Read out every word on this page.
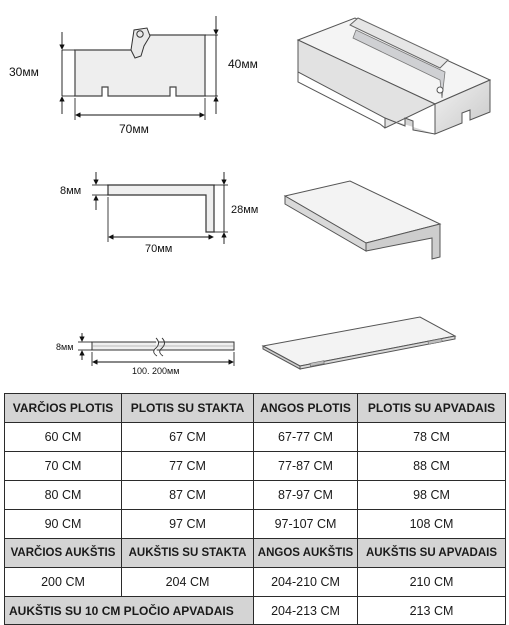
30мм
40мм
70мм
8мм
28мм
70мм
8мм
100. 200мм
VARČIOS PLOTIS	PLOTIS SU STAKTA	ANGOS PLOTIS	PLOTIS SU APVADAIS
60 CM	67 CM	67-77 CM	78 CM
70 CM	77 CM	77-87 CM	88 CM
80 CM	87 CM	87-97 CM	98 CM
90 CM	97 CM	97-107 CM	108 CM
VARČIOS AUKŠTIS	AUKŠTIS SU STAKTA	ANGOS AUKŠTIS	AUKŠTIS SU APVADAIS
200 CM	204 CM	204-210 CM	210 CM
AUKŠTIS SU 10 CM PLOČIO APVADAIS		204-213 CM	213 CM
